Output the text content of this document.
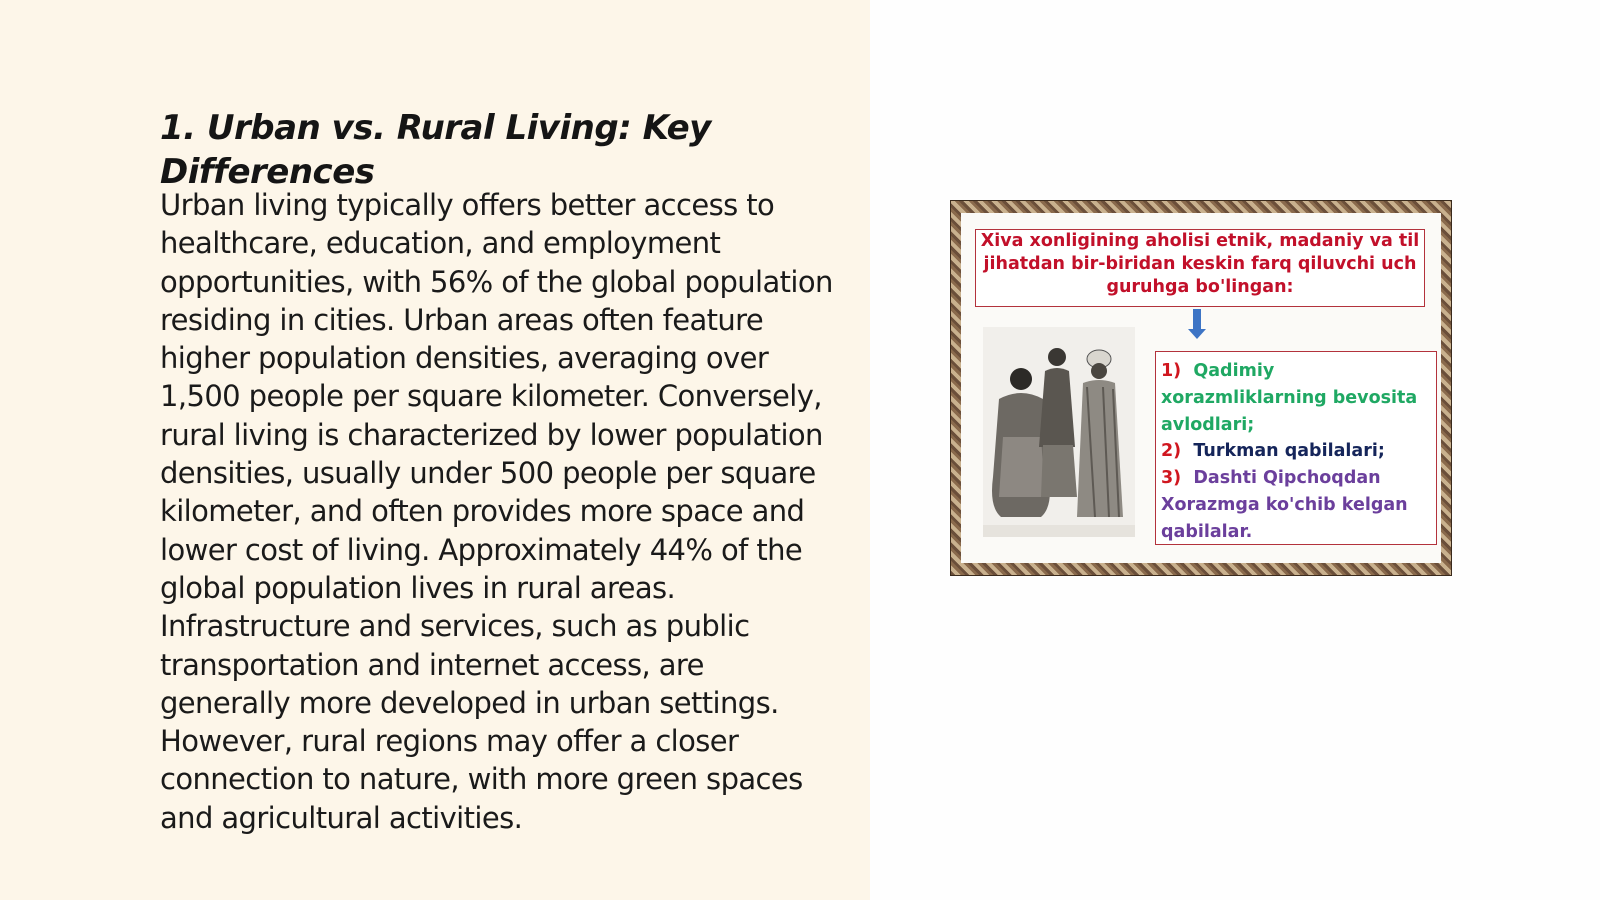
1. Urban vs. Rural Living: Key Differences

Urban living typically offers better access to healthcare, education, and employment opportunities, with 56% of the global population residing in cities. Urban areas often feature higher population densities, averaging over 1,500 people per square kilometer. Conversely, rural living is characterized by lower population densities, usually under 500 people per square kilometer, and often provides more space and lower cost of living. Approximately 44% of the global population lives in rural areas. Infrastructure and services, such as public transportation and internet access, are generally more developed in urban settings. However, rural regions may offer a closer connection to nature, with more green spaces and agricultural activities.

Xiva xonligining aholisi etnik, madaniy va til jihatdan bir-biridan keskin farq qiluvchi uch guruhga bo'lingan:

1) Qadimiy xorazmliklarning bevosita avlodlari;

2) Turkman qabilalari;

3) Dashti Qipchoqdan Xorazmga ko'chib kelgan qabilalar.
